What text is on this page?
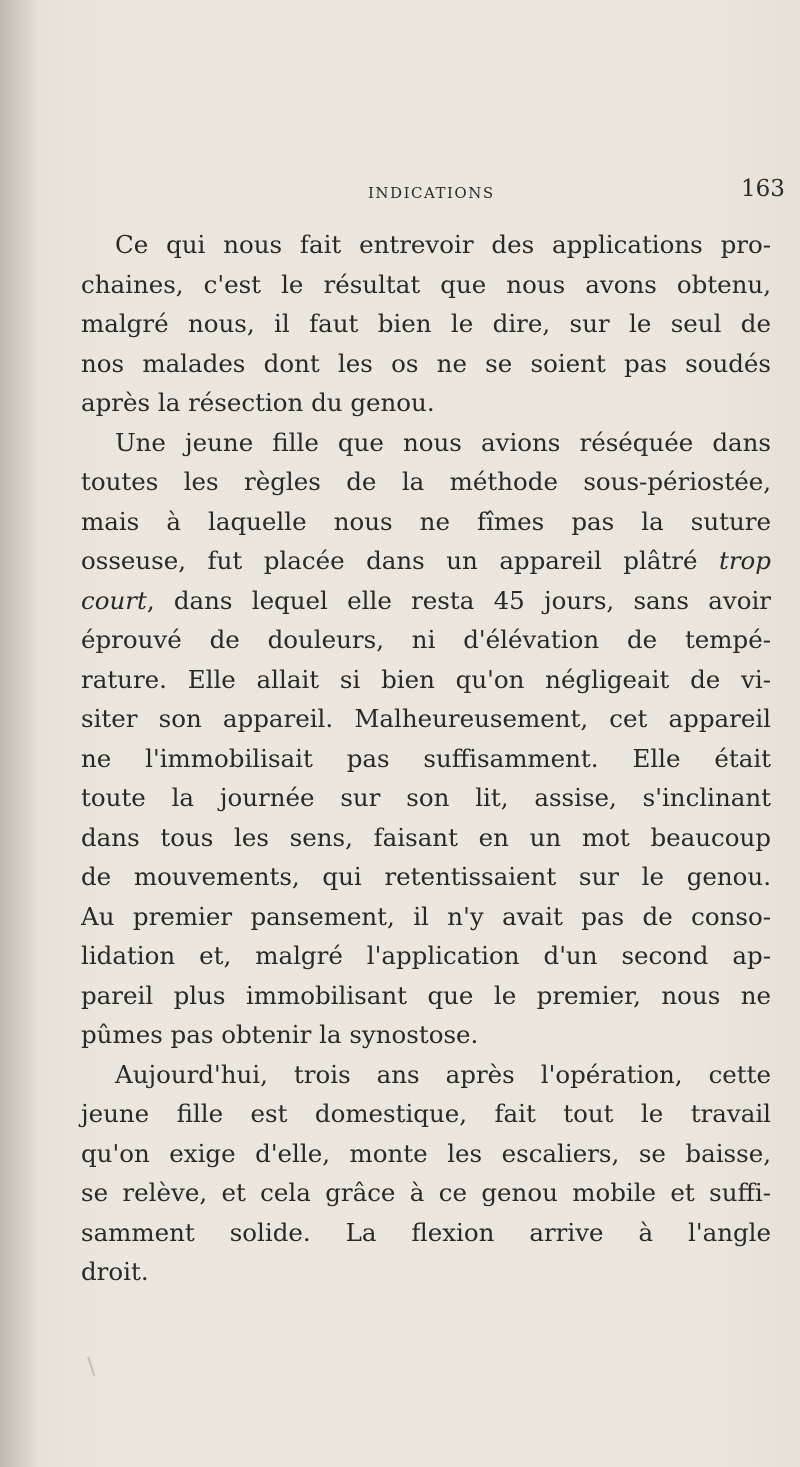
INDICATIONS	163
Ce qui nous fait entrevoir des applications pro-
chaines, c'est le résultat que nous avons obtenu,
malgré nous, il faut bien le dire, sur le seul de
nos malades dont les os ne se soient pas soudés
après la résection du genou.
Une jeune fille que nous avions réséquée dans
toutes les règles de la méthode sous-périostée,
mais à laquelle nous ne fîmes pas la suture
osseuse, fut placée dans un appareil plâtré trop
court, dans lequel elle resta 45 jours, sans avoir
éprouvé de douleurs, ni d'élévation de tempé-
rature. Elle allait si bien qu'on négligeait de vi-
siter son appareil. Malheureusement, cet appareil
ne l'immobilisait pas suffisamment. Elle était
toute la journée sur son lit, assise, s'inclinant
dans tous les sens, faisant en un mot beaucoup
de mouvements, qui retentissaient sur le genou.
Au premier pansement, il n'y avait pas de conso-
lidation et, malgré l'application d'un second ap-
pareil plus immobilisant que le premier, nous ne
pûmes pas obtenir la synostose.
Aujourd'hui, trois ans après l'opération, cette
jeune fille est domestique, fait tout le travail
qu'on exige d'elle, monte les escaliers, se baisse,
se relève, et cela grâce à ce genou mobile et suffi-
samment solide. La flexion arrive à l'angle
droit.
